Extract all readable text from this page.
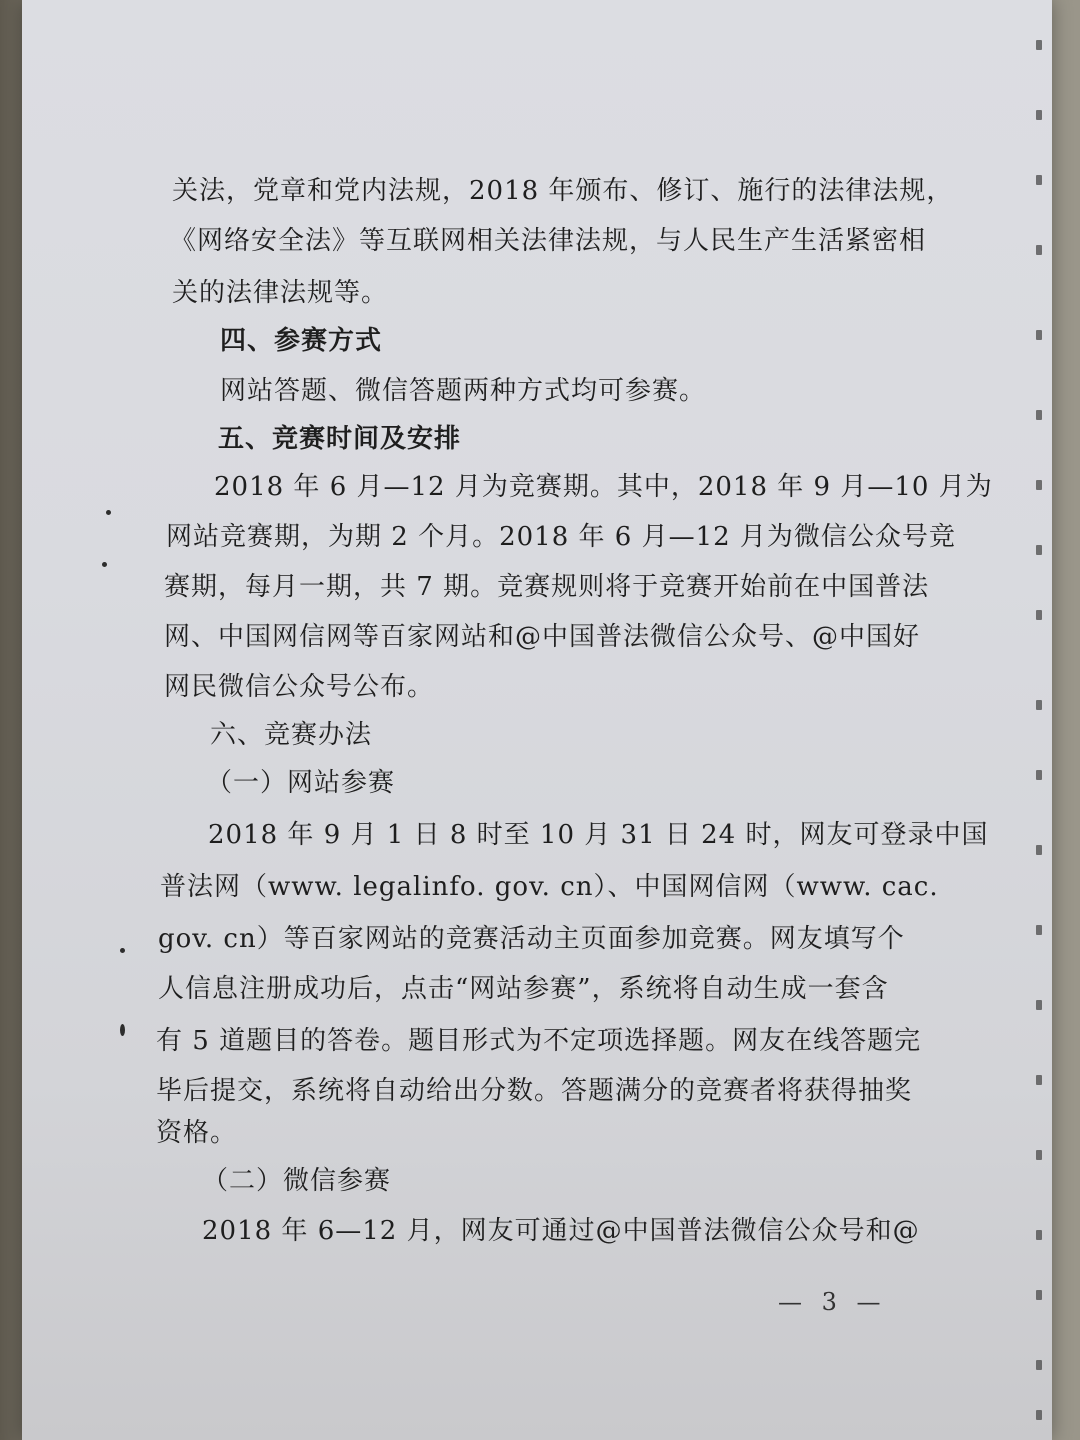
关法，党章和党内法规，2018 年颁布、修订、施行的法律法规，
《网络安全法》等互联网相关法律法规，与人民生产生活紧密相
关的法律法规等。
四、参赛方式
网站答题、微信答题两种方式均可参赛。
五、竞赛时间及安排
2018 年 6 月—12 月为竞赛期。其中，2018 年 9 月—10 月为
网站竞赛期，为期 2 个月。2018 年 6 月—12 月为微信公众号竞
赛期，每月一期，共 7 期。竞赛规则将于竞赛开始前在中国普法
网、中国网信网等百家网站和@中国普法微信公众号、@中国好
网民微信公众号公布。
六、竞赛办法
（一）网站参赛
2018 年 9 月 1 日 8 时至 10 月 31 日 24 时，网友可登录中国
普法网（www. legalinfo. gov. cn）、中国网信网（www. cac.
gov. cn）等百家网站的竞赛活动主页面参加竞赛。网友填写个
人信息注册成功后，点击“网站参赛”，系统将自动生成一套含
有 5 道题目的答卷。题目形式为不定项选择题。网友在线答题完
毕后提交，系统将自动给出分数。答题满分的竞赛者将获得抽奖
资格。
（二）微信参赛
2018 年 6—12 月，网友可通过@中国普法微信公众号和@
— 3 —
